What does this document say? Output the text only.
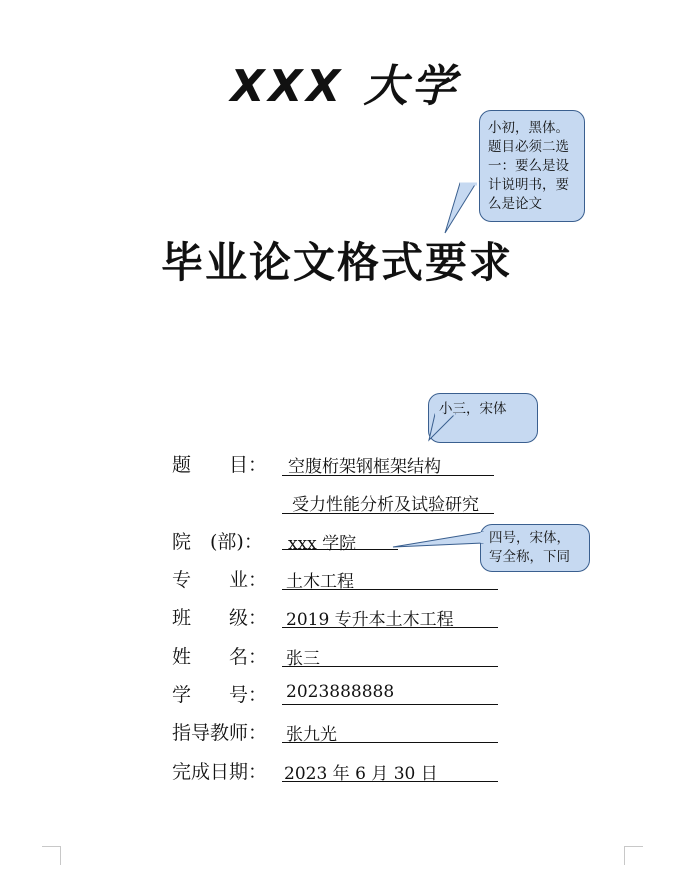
XXX 大学
毕业论文格式要求
小初，黑体。题目必须二选一：要么是设计说明书，要么是论文
小三，宋体
四号，宋体，写全称，下同
题　　目： 空腹桁架钢框架结构
受力性能分析及试验研究
院　(部)： xxx 学院
专　　业： 土木工程
班　　级： 2019 专升本土木工程
姓　　名： 张三
学　　号： 2023888888
指导教师： 张九光
完成日期： 2023 年 6 月 30 日
